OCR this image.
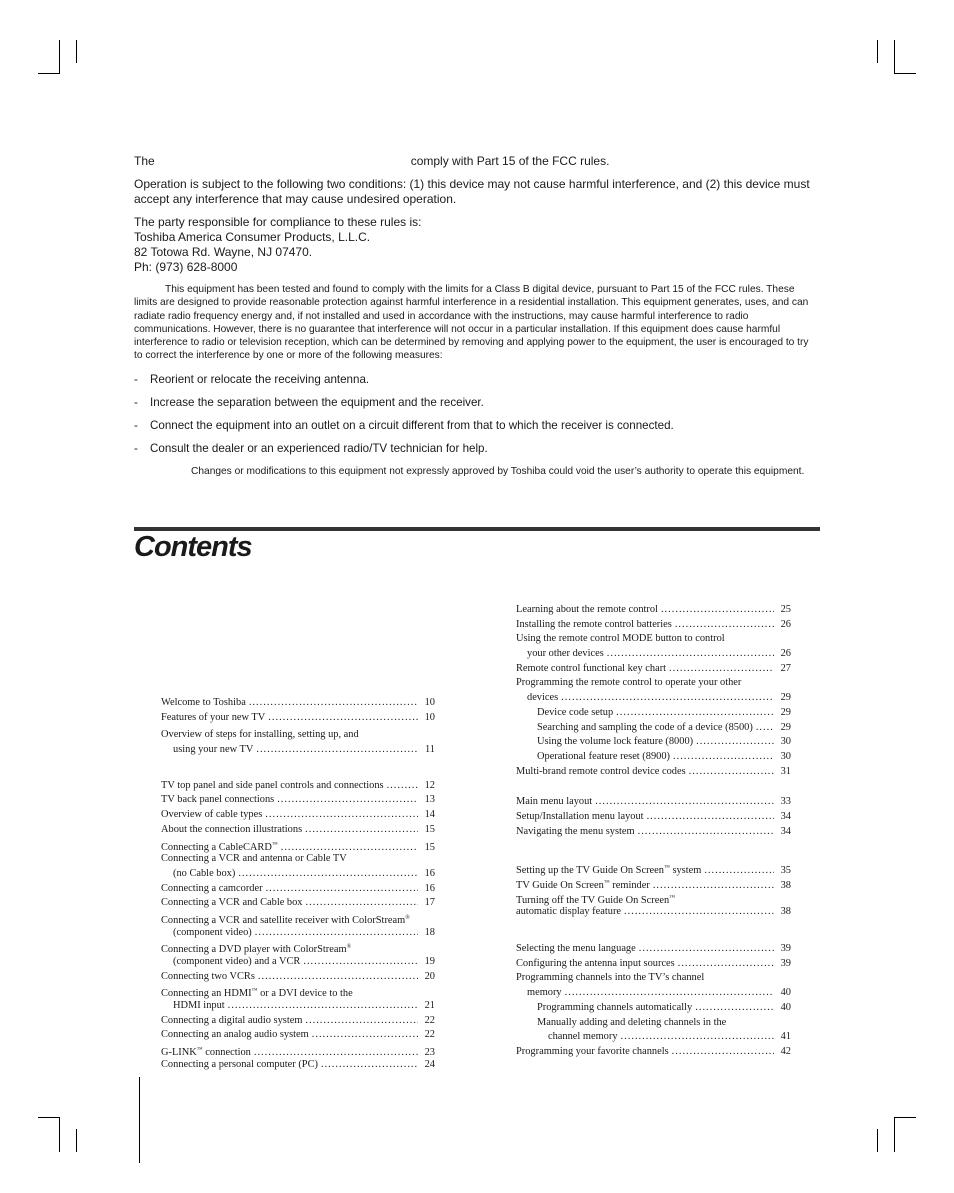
The	comply with Part 15 of the FCC rules.

Operation is subject to the following two conditions: (1) this device may not cause harmful interference, and (2) this device must accept any interference that may cause undesired operation.

The party responsible for compliance to these rules is:
Toshiba America Consumer Products, L.L.C.
82 Totowa Rd. Wayne, NJ 07470.
Ph: (973) 628-8000

This equipment has been tested and found to comply with the limits for a Class B digital device, pursuant to Part 15 of the FCC rules. These limits are designed to provide reasonable protection against harmful interference in a residential installation. This equipment generates, uses, and can radiate radio frequency energy and, if not installed and used in accordance with the instructions, may cause harmful interference to radio communications. However, there is no guarantee that interference will not occur in a particular installation. If this equipment does cause harmful interference to radio or television reception, which can be determined by removing and applying power to the equipment, the user is encouraged to try to correct the interference by one or more of the following measures:

-	Reorient or relocate the receiving antenna.
-	Increase the separation between the equipment and the receiver.
-	Connect the equipment into an outlet on a circuit different from that to which the receiver is connected.
-	Consult the dealer or an experienced radio/TV technician for help.

Changes or modifications to this equipment not expressly approved by Toshiba could void the user’s authority to operate this equipment.

Contents
Welcome to Toshiba .....	10
Features of your new TV .....	10
Overview of steps for installing, setting up, and
using your new TV .....	11
TV top panel and side panel controls and connections .....	12
TV back panel connections .....	13
Overview of cable types .....	14
About the connection illustrations .....	15
Connecting a CableCARD™ .....	15
Connecting a VCR and antenna or Cable TV
(no Cable box) .....	16
Connecting a camcorder .....	16
Connecting a VCR and Cable box .....	17
Connecting a VCR and satellite receiver with ColorStream®
(component video) .....	18
Connecting a DVD player with ColorStream®
(component video) and a VCR .....	19
Connecting two VCRs .....	20
Connecting an HDMI™ or a DVI device to the
HDMI input .....	21
Connecting a digital audio system .....	22
Connecting an analog audio system .....	22
G-LINK™ connection .....	23
Connecting a personal computer (PC) .....	24
Learning about the remote control .....	25
Installing the remote control batteries .....	26
Using the remote control MODE button to control
your other devices .....	26
Remote control functional key chart .....	27
Programming the remote control to operate your other
devices .....	29
Device code setup .....	29
Searching and sampling the code of a device (8500) .....	29
Using the volume lock feature (8000) .....	30
Operational feature reset (8900) .....	30
Multi-brand remote control device codes .....	31
Main menu layout .....	33
Setup/Installation menu layout .....	34
Navigating the menu system .....	34
Setting up the TV Guide On Screen™ system .....	35
TV Guide On Screen™ reminder .....	38
Turning off the TV Guide On Screen™
automatic display feature .....	38
Selecting the menu language .....	39
Configuring the antenna input sources .....	39
Programming channels into the TV’s channel
memory .....	40
Programming channels automatically .....	40
Manually adding and deleting channels in the
channel memory .....	41
Programming your favorite channels .....	42
